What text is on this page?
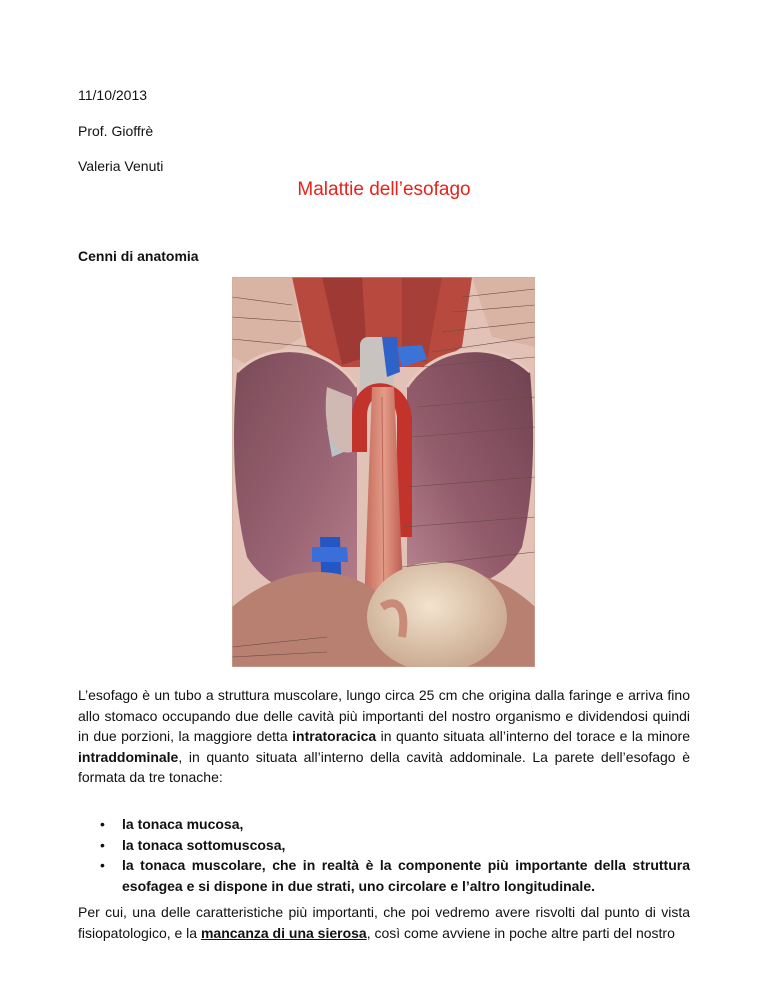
11/10/2013

Prof. Gioffrè

Valeria Venuti

Malattie dell’esofago

Cenni di anatomia

L’esofago è un tubo a struttura muscolare, lungo circa 25 cm che origina dalla faringe e arriva fino allo stomaco occupando due delle cavità più importanti del nostro organismo e dividendosi quindi in due porzioni, la maggiore detta intratoracica in quanto situata all’interno del torace e la minore intraddominale, in quanto situata all’interno della cavità addominale. La parete dell’esofago è formata da tre tonache:

• la tonaca mucosa,
• la tonaca sottomuscosa,
• la tonaca muscolare, che in realtà è la componente più importante della struttura esofagea e si dispone in due strati, uno circolare e l’altro longitudinale.

Per cui, una delle caratteristiche più importanti, che poi vedremo avere risvolti dal punto di vista fisiopatologico, e la mancanza di una sierosa, così come avviene in poche altre parti del nostro
